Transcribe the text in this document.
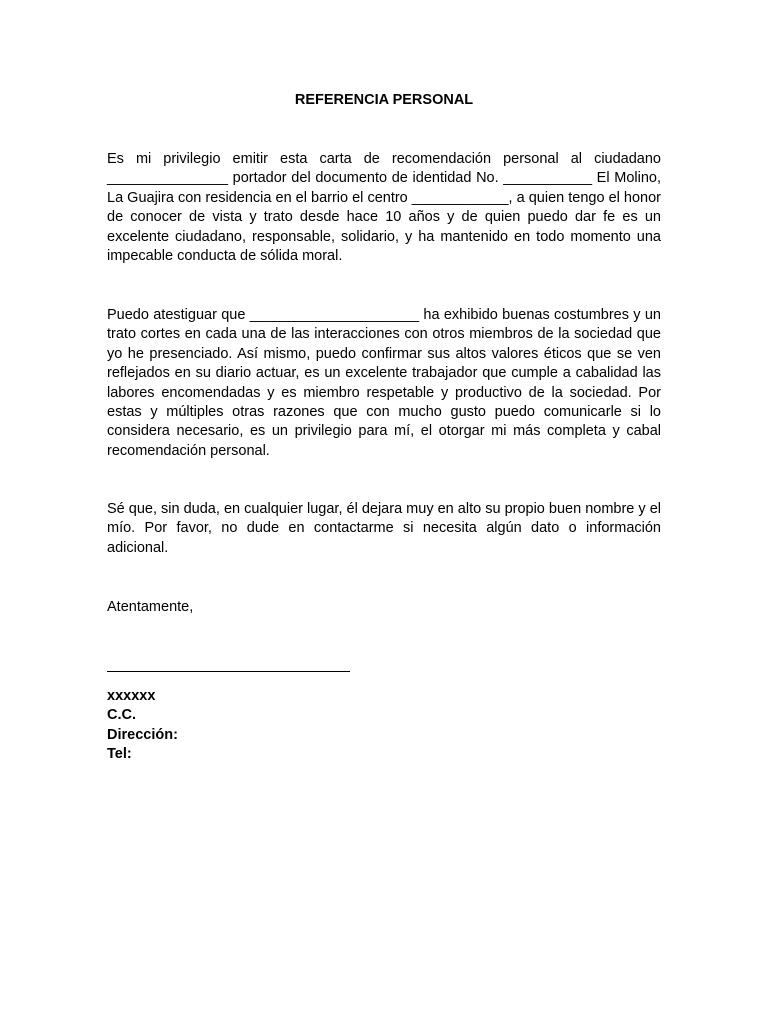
REFERENCIA PERSONAL

Es mi privilegio emitir esta carta de recomendación personal al ciudadano _______________ portador del documento de identidad No. ___________ El Molino, La Guajira con residencia en el barrio el centro ____________, a quien tengo el honor de conocer de vista y trato desde hace 10 años y de quien puedo dar fe es un excelente ciudadano, responsable, solidario, y ha mantenido en todo momento una impecable conducta de sólida moral.

Puedo atestiguar que _____________________ ha exhibido buenas costumbres y un trato cortes en cada una de las interacciones con otros miembros de la sociedad que yo he presenciado. Así mismo, puedo confirmar sus altos valores éticos que se ven reflejados en su diario actuar, es un excelente trabajador que cumple a cabalidad las labores encomendadas y es miembro respetable y productivo de la sociedad. Por estas y múltiples otras razones que con mucho gusto puedo comunicarle si lo considera necesario, es un privilegio para mí, el otorgar mi más completa y cabal recomendación personal.

Sé que, sin duda, en cualquier lugar, él dejara muy en alto su propio buen nombre y el mío. Por favor, no dude en contactarme si necesita algún dato o información adicional.

Atentamente,
xxxxxx
C.C.
Dirección:
Tel:
